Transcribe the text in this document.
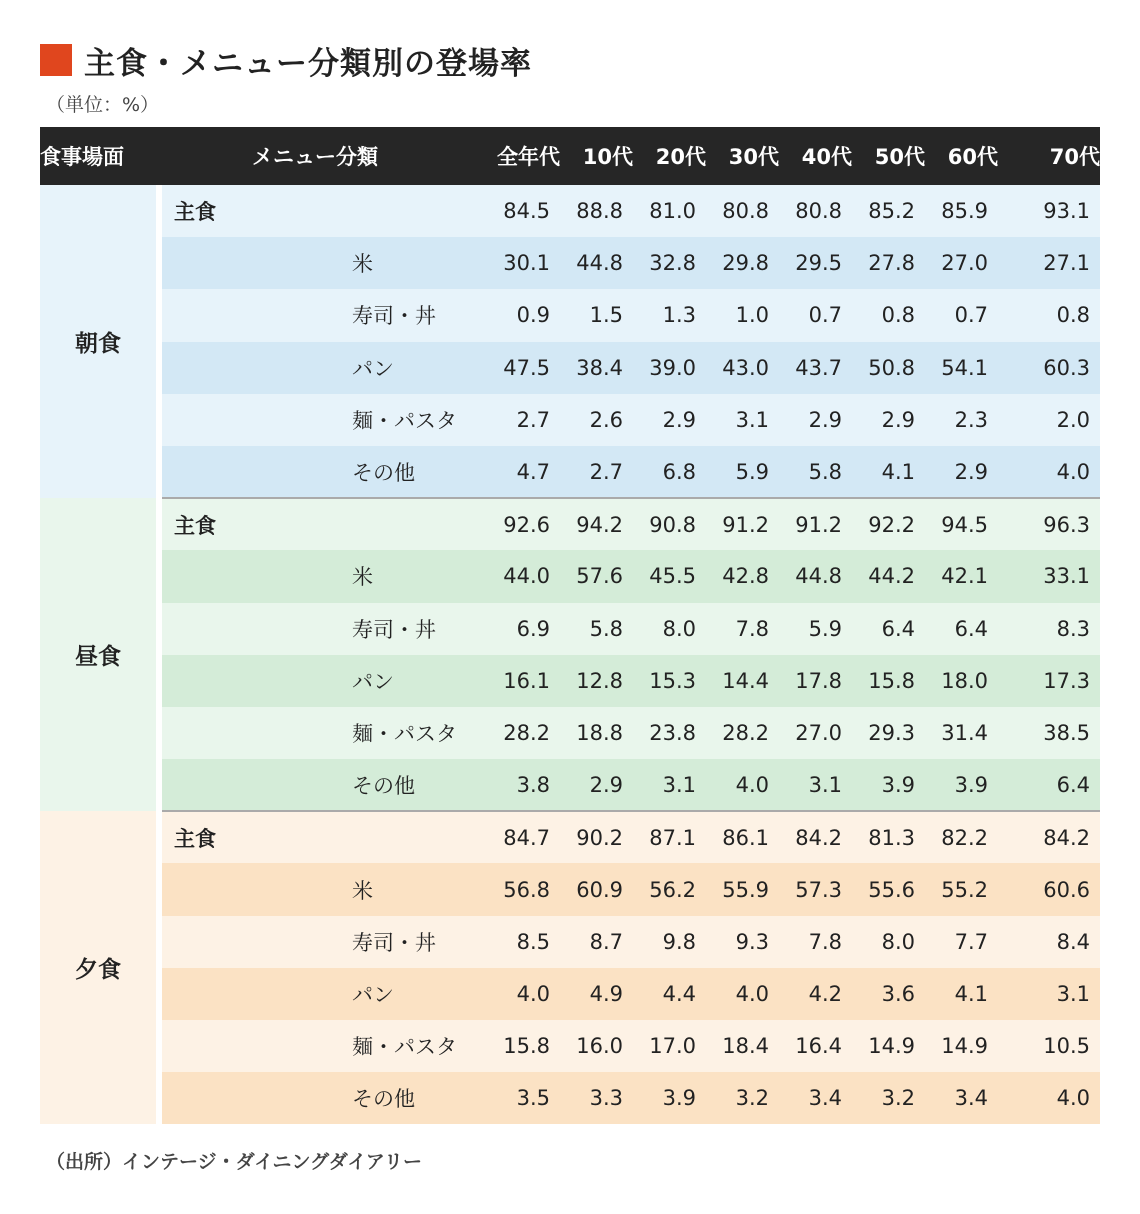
主食・メニュー分類別の登場率
（単位：%）
食事場面		メニュー分類	全年代	10代	20代	30代	40代	50代	60代	70代
朝食		主食	84.5	88.8	81.0	80.8	80.8	85.2	85.9	93.1
		米	30.1	44.8	32.8	29.8	29.5	27.8	27.0	27.1
		寿司・丼	0.9	1.5	1.3	1.0	0.7	0.8	0.7	0.8
		パン	47.5	38.4	39.0	43.0	43.7	50.8	54.1	60.3
		麺・パスタ	2.7	2.6	2.9	3.1	2.9	2.9	2.3	2.0
		その他	4.7	2.7	6.8	5.9	5.8	4.1	2.9	4.0
昼食		主食	92.6	94.2	90.8	91.2	91.2	92.2	94.5	96.3
		米	44.0	57.6	45.5	42.8	44.8	44.2	42.1	33.1
		寿司・丼	6.9	5.8	8.0	7.8	5.9	6.4	6.4	8.3
		パン	16.1	12.8	15.3	14.4	17.8	15.8	18.0	17.3
		麺・パスタ	28.2	18.8	23.8	28.2	27.0	29.3	31.4	38.5
		その他	3.8	2.9	3.1	4.0	3.1	3.9	3.9	6.4
夕食		主食	84.7	90.2	87.1	86.1	84.2	81.3	82.2	84.2
		米	56.8	60.9	56.2	55.9	57.3	55.6	55.2	60.6
		寿司・丼	8.5	8.7	9.8	9.3	7.8	8.0	7.7	8.4
		パン	4.0	4.9	4.4	4.0	4.2	3.6	4.1	3.1
		麺・パスタ	15.8	16.0	17.0	18.4	16.4	14.9	14.9	10.5
		その他	3.5	3.3	3.9	3.2	3.4	3.2	3.4	4.0
（出所）インテージ・ダイニングダイアリー
